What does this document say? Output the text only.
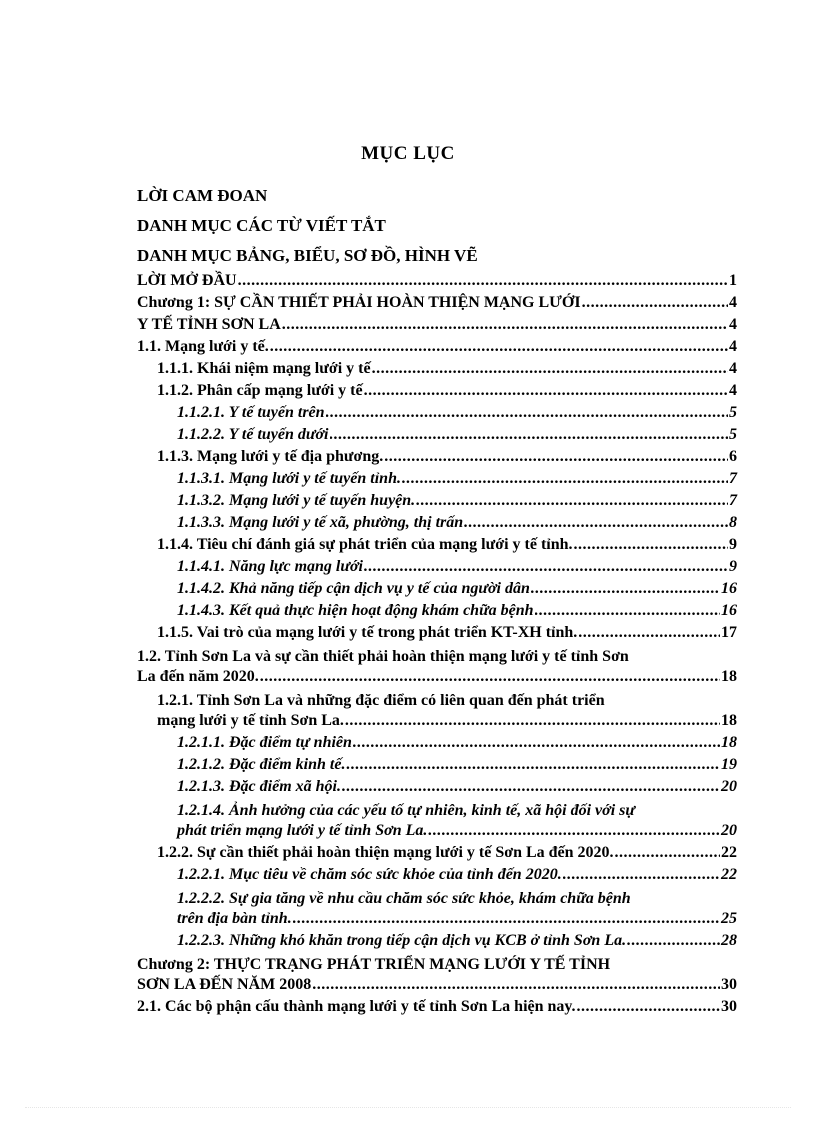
MỤC LỤC
LỜI CAM ĐOAN
DANH MỤC CÁC TỪ VIẾT TẮT
DANH MỤC BẢNG, BIỂU, SƠ ĐỒ, HÌNH VẼ
LỜI MỞ ĐẦU .....	1
Chương 1: SỰ CẦN THIẾT PHẢI HOÀN THIỆN MẠNG LƯỚI .....	4
Y TẾ TỈNH SƠN LA .....	4
1.1. Mạng lưới y tế. .....	4
1.1.1. Khái niệm mạng lưới y tế .....	4
1.1.2. Phân cấp mạng lưới y tế .....	4
1.1.2.1. Y tế tuyến trên .....	5
1.1.2.2. Y tế tuyến dưới .....	5
1.1.3. Mạng lưới y tế địa phương. .....	6
1.1.3.1. Mạng lưới y tế tuyến tỉnh. .....	7
1.1.3.2. Mạng lưới y tế tuyến huyện. .....	7
1.1.3.3. Mạng lưới y tế xã, phường, thị trấn .....	8
1.1.4. Tiêu chí đánh giá sự phát triển của mạng lưới y tế tỉnh. .....	9
1.1.4.1. Năng lực mạng lưới .....	9
1.1.4.2. Khả năng tiếp cận dịch vụ y tế của người dân .....	16
1.1.4.3. Kết quả thực hiện hoạt động khám chữa bệnh .....	16
1.1.5. Vai trò của mạng lưới y tế trong phát triển KT-XH tỉnh. .....	17
1.2. Tỉnh Sơn La và sự cần thiết phải hoàn thiện mạng lưới y tế tỉnh Sơn
La đến năm 2020. .....	18
1.2.1. Tỉnh Sơn La và những đặc điểm có liên quan đến phát triển
mạng lưới y tế tỉnh Sơn La. .....	18
1.2.1.1. Đặc điểm tự nhiên .....	18
1.2.1.2. Đặc điểm kinh tế. .....	19
1.2.1.3. Đặc điểm xã hội. .....	20
1.2.1.4. Ảnh hưởng của các yếu tố tự nhiên, kinh tế, xã hội đối với sự
phát triển mạng lưới y tế tỉnh Sơn La. .....	20
1.2.2. Sự cần thiết phải hoàn thiện mạng lưới y tế Sơn La đến 2020. .....	22
1.2.2.1. Mục tiêu về chăm sóc sức khỏe của tỉnh đến 2020. .....	22
1.2.2.2. Sự gia tăng về nhu cầu chăm sóc sức khỏe, khám chữa bệnh
trên địa bàn tỉnh. .....	25
1.2.2.3. Những khó khăn trong tiếp cận dịch vụ KCB ở tỉnh Sơn La. .....	28
Chương 2: THỰC TRẠNG PHÁT TRIỂN MẠNG LƯỚI Y TẾ TỈNH
SƠN LA ĐẾN NĂM 2008 .....	30
2.1. Các bộ phận cấu thành mạng lưới y tế tỉnh Sơn La hiện nay. .....	30
